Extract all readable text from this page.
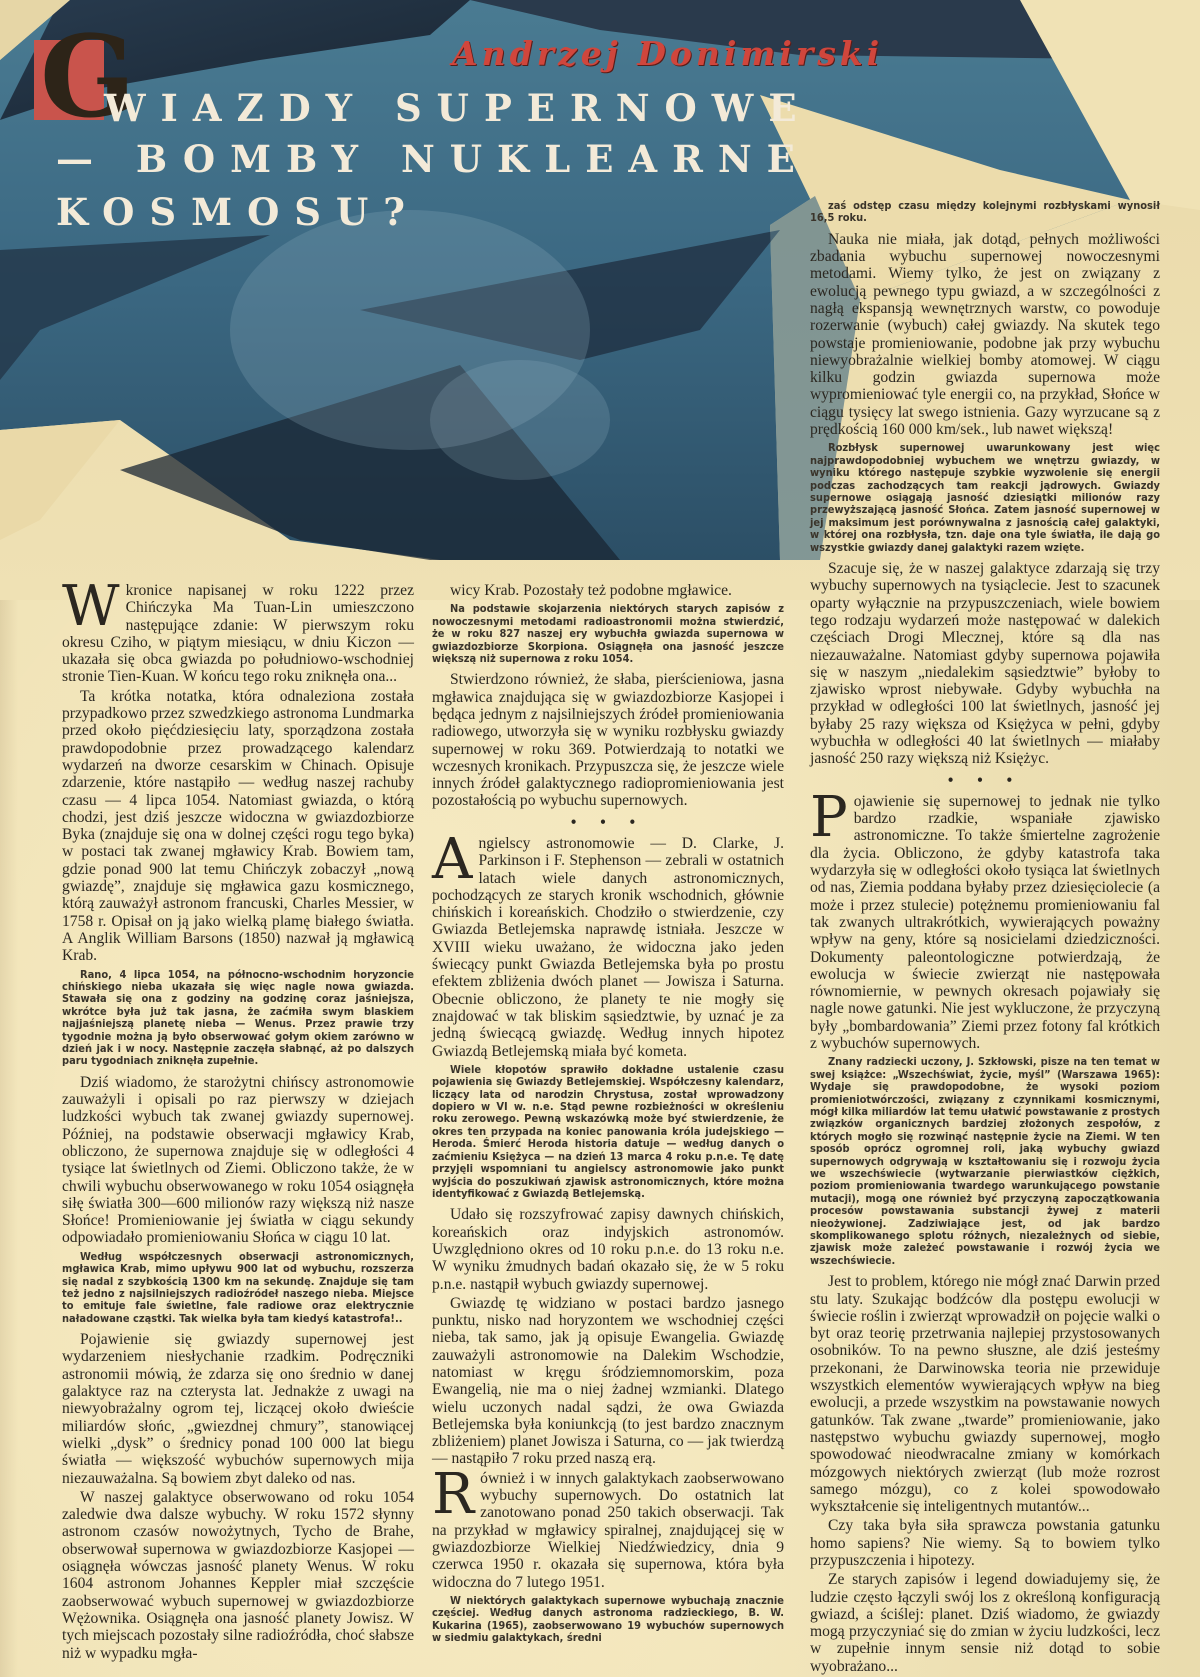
Andrzej Donimirski
G
WIAZDY SUPERNOWE
— BOMBY NUKLEARNE
KOSMOSU?

Wkronice napisanej w roku 1222 przez Chińczyka Ma Tuan-Lin umieszczono następujące zdanie: W pierwszym roku okresu Cziho, w piątym miesiącu, w dniu Kiczon — ukazała się obca gwiazda po południowo-wschodniej stronie Tien-Kuan. W końcu tego roku zniknęła ona...

Ta krótka notatka, która odnaleziona została przypadkowo przez szwedzkiego astronoma Lundmarka przed około pięćdziesięciu laty, sporządzona została prawdopodobnie przez prowadzącego kalendarz wydarzeń na dworze cesarskim w Chinach. Opisuje zdarzenie, które nastąpiło — według naszej rachuby czasu — 4 lipca 1054. Natomiast gwiazda, o którą chodzi, jest dziś jeszcze widoczna w gwiazdozbiorze Byka (znajduje się ona w dolnej części rogu tego byka) w postaci tak zwanej mgławicy Krab. Bowiem tam, gdzie ponad 900 lat temu Chińczyk zobaczył „nową gwiazdę”, znajduje się mgławica gazu kosmicznego, którą zauważył astronom francuski, Charles Messier, w 1758 r. Opisał on ją jako wielką plamę białego światła. A Anglik William Barsons (1850) nazwał ją mgławicą Krab.

Rano, 4 lipca 1054, na północno-wschodnim horyzoncie chińskiego nieba ukazała się więc nagle nowa gwiazda. Stawała się ona z godziny na godzinę coraz jaśniejsza, wkrótce była już tak jasna, że zaćmiła swym blaskiem najjaśniejszą planetę nieba — Wenus. Przez prawie trzy tygodnie można ją było obserwować gołym okiem zarówno w dzień jak i w nocy. Następnie zaczęła słabnąć, aż po dalszych paru tygodniach zniknęła zupełnie.

Dziś wiadomo, że starożytni chińscy astronomowie zauważyli i opisali po raz pierwszy w dziejach ludzkości wybuch tak zwanej gwiazdy supernowej. Później, na podstawie obserwacji mgławicy Krab, obliczono, że supernowa znajduje się w odległości 4 tysiące lat świetlnych od Ziemi. Obliczono także, że w chwili wybuchu obserwowanego w roku 1054 osiągnęła siłę światła 300—600 milionów razy większą niż nasze Słońce! Promieniowanie jej światła w ciągu sekundy odpowiadało promieniowaniu Słońca w ciągu 10 lat.

Według współczesnych obserwacji astronomicznych, mgławica Krab, mimo upływu 900 lat od wybuchu, rozszerza się nadal z szybkością 1300 km na sekundę. Znajduje się tam też jedno z najsilniejszych radioźródeł naszego nieba. Miejsce to emituje fale świetlne, fale radiowe oraz elektrycznie naładowane cząstki. Tak wielka była tam kiedyś katastrofa!..

Pojawienie się gwiazdy supernowej jest wydarzeniem niesłychanie rzadkim. Podręczniki astronomii mówią, że zdarza się ono średnio w danej galaktyce raz na czterysta lat. Jednakże z uwagi na niewyobrażalny ogrom tej, liczącej około dwieście miliardów słońc, „gwiezdnej chmury”, stanowiącej wielki „dysk” o średnicy ponad 100 000 lat biegu światła — większość wybuchów supernowych mija niezauważalna. Są bowiem zbyt daleko od nas.

W naszej galaktyce obserwowano od roku 1054 zaledwie dwa dalsze wybuchy. W roku 1572 słynny astronom czasów nowożytnych, Tycho de Brahe, obserwował supernowa w gwiazdozbiorze Kasjopei — osiągnęła wówczas jasność planety Wenus. W roku 1604 astronom Johannes Keppler miał szczęście zaobserwować wybuch supernowej w gwiazdozbiorze Wężownika. Osiągnęła ona jasność planety Jowisz. W tych miejscach pozostały silne radioźródła, choć słabsze niż w wypadku mgła-

wicy Krab. Pozostały też podobne mgławice.

Na podstawie skojarzenia niektórych starych zapisów z nowoczesnymi metodami radioastronomii można stwierdzić, że w roku 827 naszej ery wybuchła gwiazda supernowa w gwiazdozbiorze Skorpiona. Osiągnęła ona jasność jeszcze większą niż supernowa z roku 1054.

Stwierdzono również, że słaba, pierścieniowa, jasna mgławica znajdująca się w gwiazdozbiorze Kasjopei i będąca jednym z najsilniejszych źródeł promieniowania radiowego, utworzyła się w wyniku rozbłysku gwiazdy supernowej w roku 369. Potwierdzają to notatki we wczesnych kronikach. Przypuszcza się, że jeszcze wiele innych źródeł galaktycznego radiopromieniowania jest pozostałością po wybuchu supernowych.

• • •

Angielscy astronomowie — D. Clarke, J. Parkinson i F. Stephenson — zebrali w ostatnich latach wiele danych astronomicznych, pochodzących ze starych kronik wschodnich, głównie chińskich i koreańskich. Chodziło o stwierdzenie, czy Gwiazda Betlejemska naprawdę istniała. Jeszcze w XVIII wieku uważano, że widoczna jako jeden świecący punkt Gwiazda Betlejemska była po prostu efektem zbliżenia dwóch planet — Jowisza i Saturna. Obecnie obliczono, że planety te nie mogły się znajdować w tak bliskim sąsiedztwie, by uznać je za jedną świecącą gwiazdę. Według innych hipotez Gwiazdą Betlejemską miała być kometa.

Wiele kłopotów sprawiło dokładne ustalenie czasu pojawienia się Gwiazdy Betlejemskiej. Współczesny kalendarz, liczący lata od narodzin Chrystusa, został wprowadzony dopiero w VI w. n.e. Stąd pewne rozbieżności w określeniu roku zerowego. Pewną wskazówką może być stwierdzenie, że okres ten przypada na koniec panowania króla judejskiego — Heroda. Śmierć Heroda historia datuje — według danych o zaćmieniu Księżyca — na dzień 13 marca 4 roku p.n.e. Tę datę przyjęli wspomniani tu angielscy astronomowie jako punkt wyjścia do poszukiwań zjawisk astronomicznych, które można identyfikować z Gwiazdą Betlejemską.

Udało się rozszyfrować zapisy dawnych chińskich, koreańskich oraz indyjskich astronomów. Uwzględniono okres od 10 roku p.n.e. do 13 roku n.e. W wyniku żmudnych badań okazało się, że w 5 roku p.n.e. nastąpił wybuch gwiazdy supernowej.

Gwiazdę tę widziano w postaci bardzo jasnego punktu, nisko nad horyzontem we wschodniej części nieba, tak samo, jak ją opisuje Ewangelia. Gwiazdę zauważyli astronomowie na Dalekim Wschodzie, natomiast w kręgu śródziemnomorskim, poza Ewangelią, nie ma o niej żadnej wzmianki. Dlatego wielu uczonych nadal sądzi, że owa Gwiazda Betlejemska była koniunkcją (to jest bardzo znacznym zbliżeniem) planet Jowisza i Saturna, co — jak twierdzą — nastąpiło 7 roku przed naszą erą.

Również i w innych galaktykach zaobserwowano wybuchy supernowych. Do ostatnich lat zanotowano ponad 250 takich obserwacji. Tak na przykład w mgławicy spiralnej, znajdującej się w gwiazdozbiorze Wielkiej Niedźwiedzicy, dnia 9 czerwca 1950 r. okazała się supernowa, która była widoczna do 7 lutego 1951.

W niektórych galaktykach supernowe wybuchają znacznie częściej. Według danych astronoma radzieckiego, B. W. Kukarina (1965), zaobserwowano 19 wybuchów supernowych w siedmiu galaktykach, średni

zaś odstęp czasu między kolejnymi rozbłyskami wynosił 16,5 roku.

Nauka nie miała, jak dotąd, pełnych możliwości zbadania wybuchu supernowej nowoczesnymi metodami. Wiemy tylko, że jest on związany z ewolucją pewnego typu gwiazd, a w szczególności z nagłą ekspansją wewnętrznych warstw, co powoduje rozerwanie (wybuch) całej gwiazdy. Na skutek tego powstaje promieniowanie, podobne jak przy wybuchu niewyobrażalnie wielkiej bomby atomowej. W ciągu kilku godzin gwiazda supernowa może wypromieniować tyle energii co, na przykład, Słońce w ciągu tysięcy lat swego istnienia. Gazy wyrzucane są z prędkością 160 000 km/sek., lub nawet większą!

Rozbłysk supernowej uwarunkowany jest więc najprawdopodobniej wybuchem we wnętrzu gwiazdy, w wyniku którego następuje szybkie wyzwolenie się energii podczas zachodzących tam reakcji jądrowych. Gwiazdy supernowe osiągają jasność dziesiątki milionów razy przewyższającą jasność Słońca. Zatem jasność supernowej w jej maksimum jest porównywalna z jasnością całej galaktyki, w której ona rozbłysła, tzn. daje ona tyle światła, ile dają go wszystkie gwiazdy danej galaktyki razem wzięte.

Szacuje się, że w naszej galaktyce zdarzają się trzy wybuchy supernowych na tysiąclecie. Jest to szacunek oparty wyłącznie na przypuszczeniach, wiele bowiem tego rodzaju wydarzeń może następować w dalekich częściach Drogi Mlecznej, które są dla nas niezauważalne. Natomiast gdyby supernowa pojawiła się w naszym „niedalekim sąsiedztwie” byłoby to zjawisko wprost niebywałe. Gdyby wybuchła na przykład w odległości 100 lat świetlnych, jasność jej byłaby 25 razy większa od Księżyca w pełni, gdyby wybuchła w odległości 40 lat świetlnych — miałaby jasność 250 razy większą niż Księżyc.

• • •

Pojawienie się supernowej to jednak nie tylko bardzo rzadkie, wspaniałe zjawisko astronomiczne. To także śmiertelne zagrożenie dla życia. Obliczono, że gdyby katastrofa taka wydarzyła się w odległości około tysiąca lat świetlnych od nas, Ziemia poddana byłaby przez dziesięciolecie (a może i przez stulecie) potężnemu promieniowaniu fal tak zwanych ultrakrótkich, wywierających poważny wpływ na geny, które są nosicielami dziedziczności. Dokumenty paleontologiczne potwierdzają, że ewolucja w świecie zwierząt nie następowała równomiernie, w pewnych okresach pojawiały się nagle nowe gatunki. Nie jest wykluczone, że przyczyną były „bombardowania” Ziemi przez fotony fal krótkich z wybuchów supernowych.

Znany radziecki uczony, J. Szkłowski, pisze na ten temat w swej książce: „Wszechświat, życie, myśl” (Warszawa 1965): Wydaje się prawdopodobne, że wysoki poziom promieniotwórczości, związany z czynnikami kosmicznymi, mógł kilka miliardów lat temu ułatwić powstawanie z prostych związków organicznych bardziej złożonych zespołów, z których mogło się rozwinąć następnie życie na Ziemi. W ten sposób oprócz ogromnej roli, jaką wybuchy gwiazd supernowych odgrywają w kształtowaniu się i rozwoju życia we wszechświecie (wytwarzanie pierwiastków ciężkich, poziom promieniowania twardego warunkującego powstanie mutacji), mogą one również być przyczyną zapoczątkowania procesów powstawania substancji żywej z materii nieożywionej. Zadziwiające jest, od jak bardzo skomplikowanego splotu różnych, niezależnych od siebie, zjawisk może zależeć powstawanie i rozwój życia we wszechświecie.

Jest to problem, którego nie mógł znać Darwin przed stu laty. Szukając bodźców dla postępu ewolucji w świecie roślin i zwierząt wprowadził on pojęcie walki o byt oraz teorię przetrwania najlepiej przystosowanych osobników. To na pewno słuszne, ale dziś jesteśmy przekonani, że Darwinowska teoria nie przewiduje wszystkich elementów wywierających wpływ na bieg ewolucji, a przede wszystkim na powstawanie nowych gatunków. Tak zwane „twarde” promieniowanie, jako następstwo wybuchu gwiazdy supernowej, mogło spowodować nieodwracalne zmiany w komórkach mózgowych niektórych zwierząt (lub może rozrost samego mózgu), co z kolei spowodowało wykształcenie się inteligentnych mutantów...

Czy taka była siła sprawcza powstania gatunku homo sapiens? Nie wiemy. Są to bowiem tylko przypuszczenia i hipotezy.

Ze starych zapisów i legend dowiadujemy się, że ludzie często łączyli swój los z określoną konfiguracją gwiazd, a ściślej: planet. Dziś wiadomo, że gwiazdy mogą przyczyniać się do zmian w życiu ludzkości, lecz w zupełnie innym sensie niż dotąd to sobie wyobrażano...
